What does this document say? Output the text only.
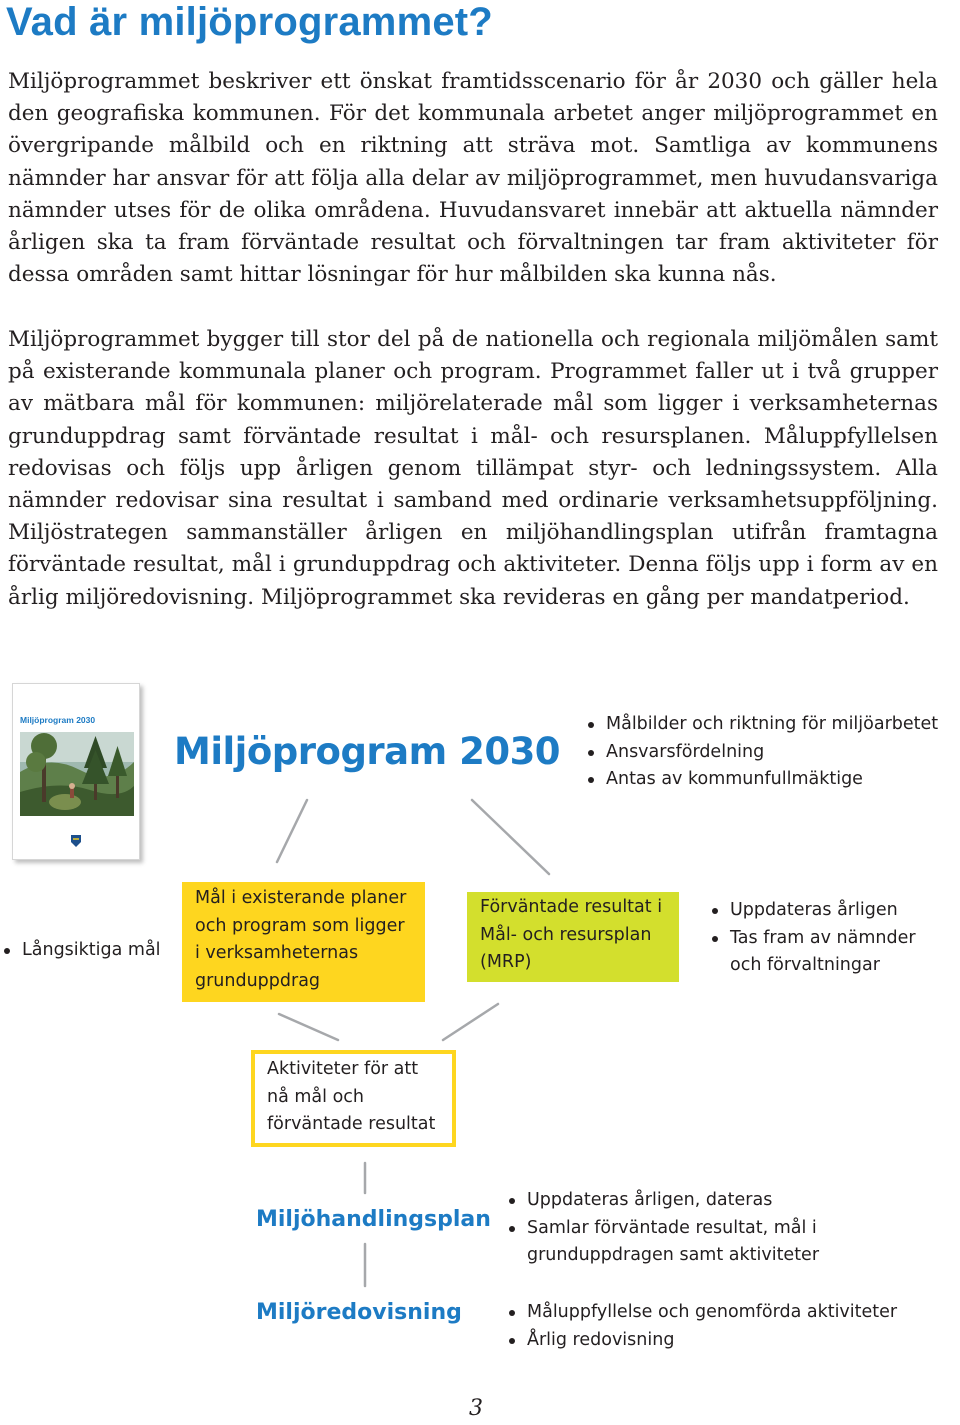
Vad är miljöprogrammet?

Miljöprogrammet beskriver ett önskat framtidsscenario för år 2030 och gäller hela den geografiska kommunen. För det kommunala arbetet anger miljöprogrammet en övergripande målbild och en riktning att sträva mot. Samtliga av kommunens nämnder har ansvar för att följa alla delar av miljöprogrammet, men huvudansvariga nämnder utses för de olika områdena. Huvudansvaret innebär att aktuella nämnder årligen ska ta fram förväntade resultat och förvaltningen tar fram aktiviteter för dessa områden samt hittar lösningar för hur målbilden ska kunna nås.

Miljöprogrammet bygger till stor del på de nationella och regionala miljömålen samt på existerande kommunala planer och program. Programmet faller ut i två grupper av mätbara mål för kommunen: miljörelaterade mål som ligger i verksamheternas grunduppdrag samt förväntade resultat i mål- och resursplanen. Måluppfyllelsen redovisas och följs upp årligen genom tillämpat styr- och ledningssystem. Alla nämnder redovisar sina resultat i samband med ordinarie verksamhetsuppföljning. Miljöstrategen sammanställer årligen en miljöhandlingsplan utifrån framtagna förväntade resultat, mål i grunduppdrag och aktiviteter. Denna följs upp i form av en årlig miljöredovisning. Miljöprogrammet ska revideras en gång per mandatperiod.

Miljöprogram 2030
Miljöprogram 2030
Målbilder och riktning för miljöarbetet
Ansvarsfördelning
Antas av kommunfullmäktige
Långsiktiga mål
Mål i existerande planer
och program som ligger
i verksamheternas
grunduppdrag
Förväntade resultat i
Mål- och resursplan
(MRP)
Uppdateras årligen
Tas fram av nämnder
och förvaltningar
Aktiviteter för att
nå mål och
förväntade resultat
Miljöhandlingsplan
Uppdateras årligen, dateras
Samlar förväntade resultat, mål i
grunduppdragen samt aktiviteter
Miljöredovisning	Måluppfyllelse och genomförda aktiviteter
Årlig redovisning
3
